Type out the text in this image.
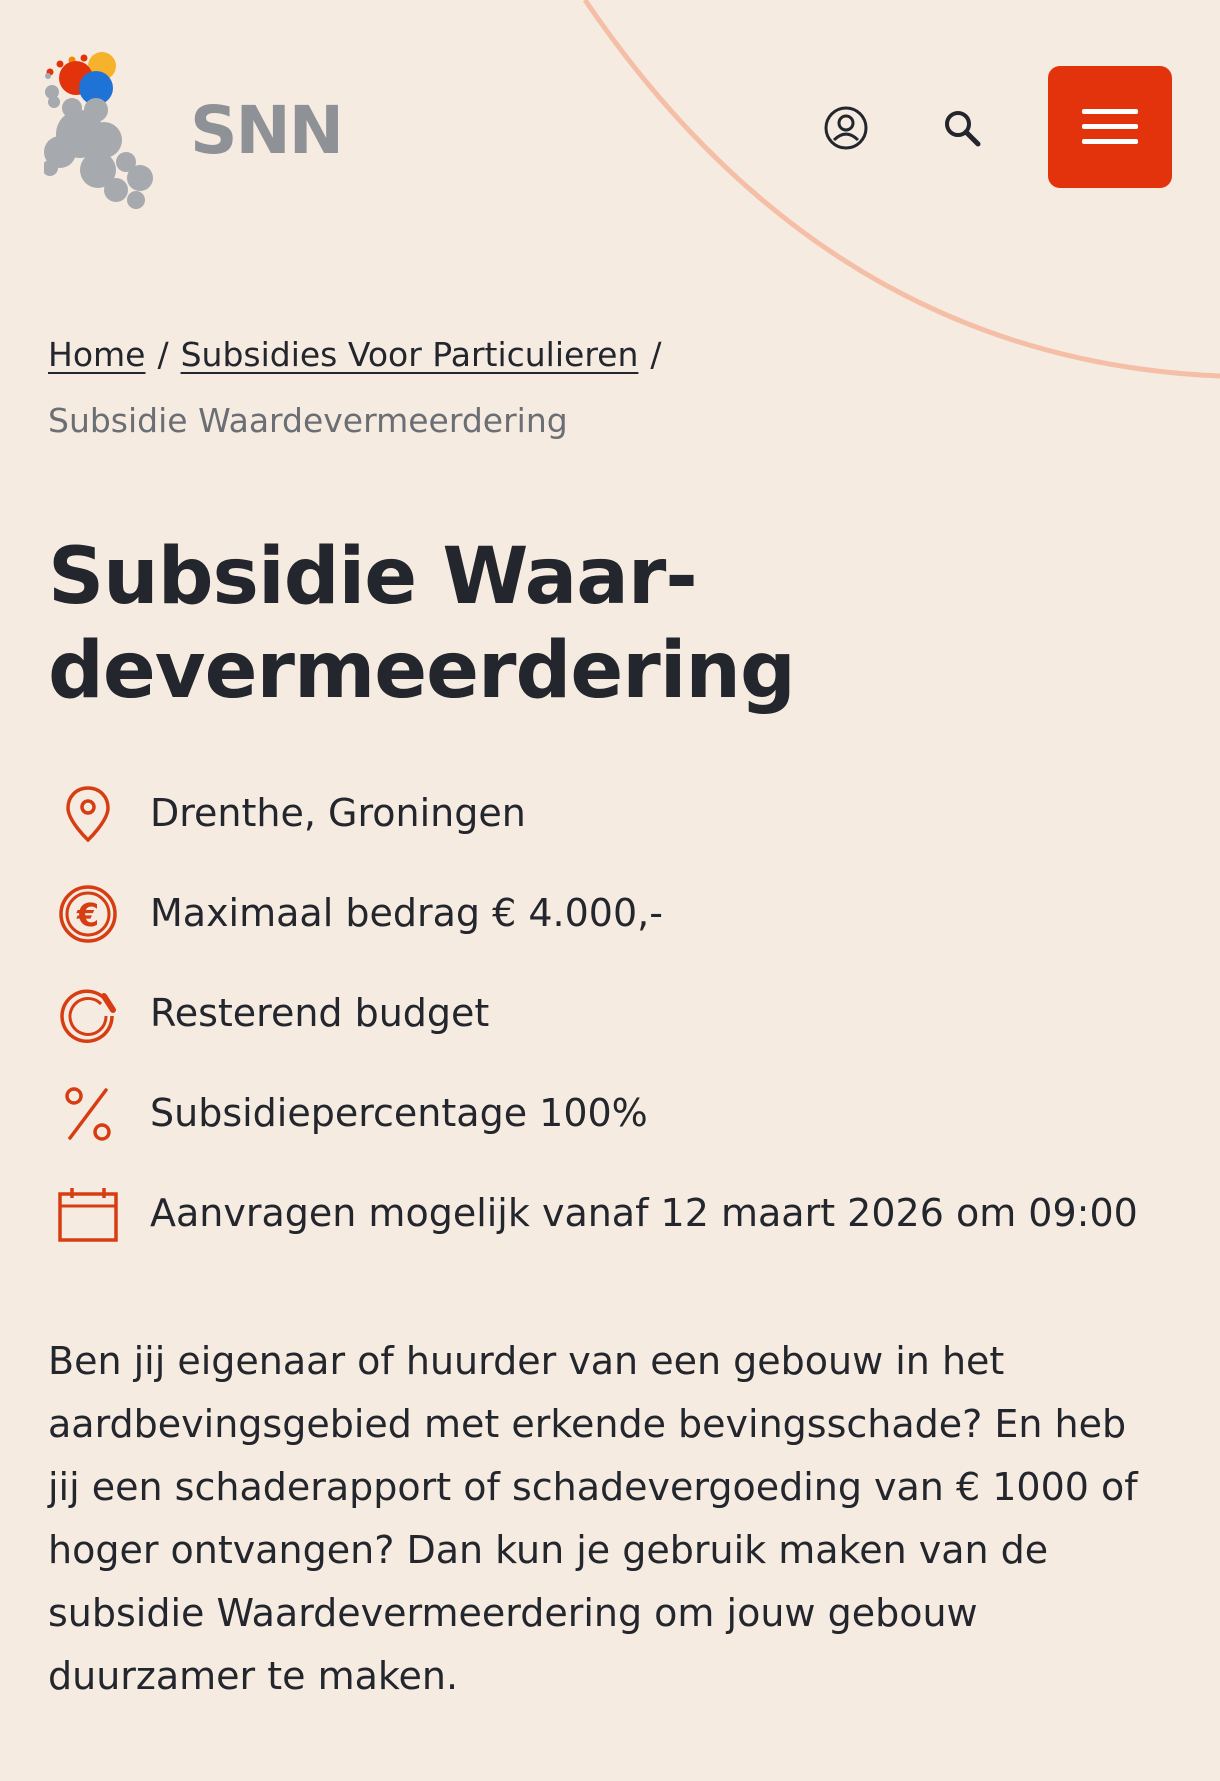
SNN
Home / Subsidies Voor Particulieren /
Subsidie Waardevermeerdering
Subsidie Waar-
devermeerdering
Drenthe, Groningen
€ Maximaal bedrag € 4.000,-
Resterend budget
Subsidiepercentage 100%
Aanvragen mogelijk vanaf 12 maart 2026 om 09:00

Ben jij eigenaar of huurder van een gebouw in het aardbevingsgebied met erkende bevingsschade? En heb jij een schaderapport of schadevergoeding van € 1000 of hoger ontvangen? Dan kun je gebruik maken van de subsidie Waardevermeerdering om jouw gebouw duurzamer te maken.
